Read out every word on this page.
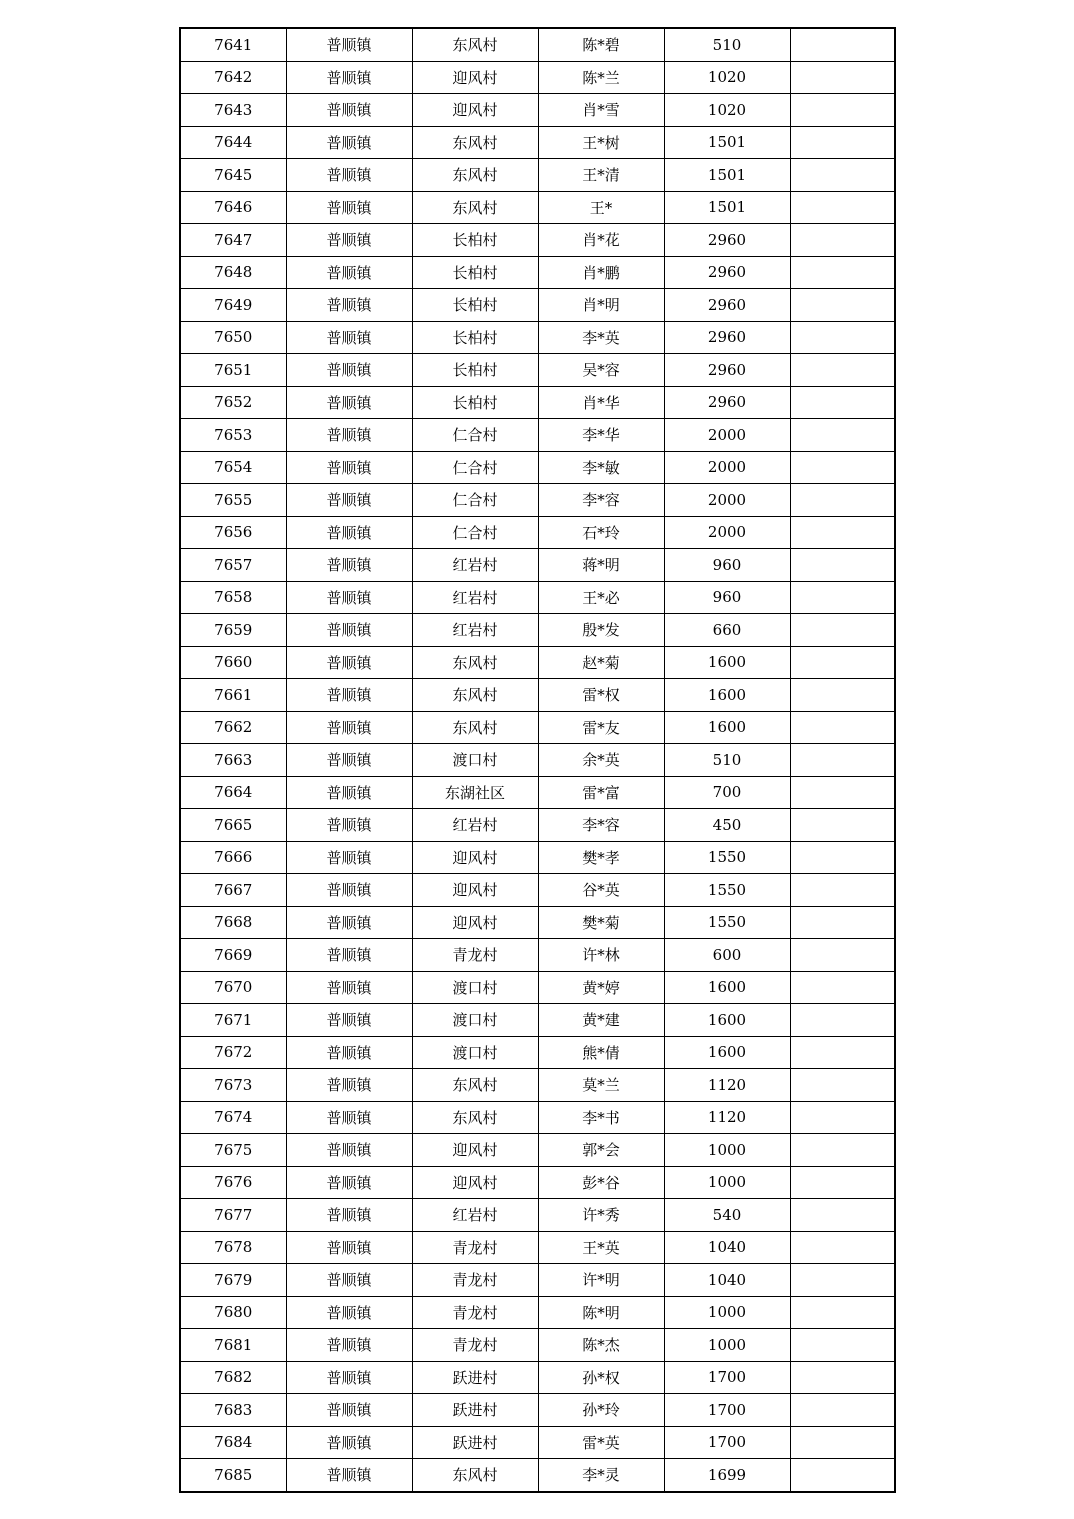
7641	普顺镇	东风村	陈*碧	510	
7642	普顺镇	迎风村	陈*兰	1020	
7643	普顺镇	迎风村	肖*雪	1020	
7644	普顺镇	东风村	王*树	1501	
7645	普顺镇	东风村	王*清	1501	
7646	普顺镇	东风村	王*	1501	
7647	普顺镇	长柏村	肖*花	2960	
7648	普顺镇	长柏村	肖*鹏	2960	
7649	普顺镇	长柏村	肖*明	2960	
7650	普顺镇	长柏村	李*英	2960	
7651	普顺镇	长柏村	吴*容	2960	
7652	普顺镇	长柏村	肖*华	2960	
7653	普顺镇	仁合村	李*华	2000	
7654	普顺镇	仁合村	李*敏	2000	
7655	普顺镇	仁合村	李*容	2000	
7656	普顺镇	仁合村	石*玲	2000	
7657	普顺镇	红岩村	蒋*明	960	
7658	普顺镇	红岩村	王*必	960	
7659	普顺镇	红岩村	殷*发	660	
7660	普顺镇	东风村	赵*菊	1600	
7661	普顺镇	东风村	雷*权	1600	
7662	普顺镇	东风村	雷*友	1600	
7663	普顺镇	渡口村	余*英	510	
7664	普顺镇	东湖社区	雷*富	700	
7665	普顺镇	红岩村	李*容	450	
7666	普顺镇	迎风村	樊*孝	1550	
7667	普顺镇	迎风村	谷*英	1550	
7668	普顺镇	迎风村	樊*菊	1550	
7669	普顺镇	青龙村	许*林	600	
7670	普顺镇	渡口村	黄*婷	1600	
7671	普顺镇	渡口村	黄*建	1600	
7672	普顺镇	渡口村	熊*倩	1600	
7673	普顺镇	东风村	莫*兰	1120	
7674	普顺镇	东风村	李*书	1120	
7675	普顺镇	迎风村	郭*会	1000	
7676	普顺镇	迎风村	彭*谷	1000	
7677	普顺镇	红岩村	许*秀	540	
7678	普顺镇	青龙村	王*英	1040	
7679	普顺镇	青龙村	许*明	1040	
7680	普顺镇	青龙村	陈*明	1000	
7681	普顺镇	青龙村	陈*杰	1000	
7682	普顺镇	跃进村	孙*权	1700	
7683	普顺镇	跃进村	孙*玲	1700	
7684	普顺镇	跃进村	雷*英	1700	
7685	普顺镇	东风村	李*灵	1699	
